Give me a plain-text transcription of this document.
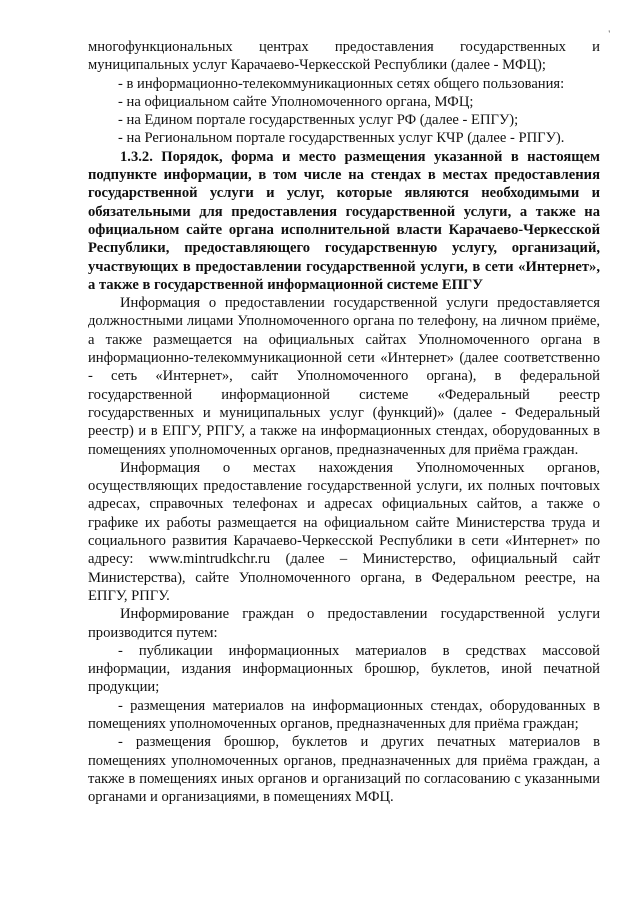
'

многофункциональных центрах предоставления государственных и муниципальных услуг Карачаево-Черкесской Республики (далее - МФЦ);

- в информационно-телекоммуникационных сетях общего пользования:

- на официальном сайте Уполномоченного органа, МФЦ;

- на Едином портале государственных услуг РФ (далее - ЕПГУ);

- на Региональном портале государственных услуг КЧР (далее - РПГУ).

1.3.2. Порядок, форма и место размещения указанной в настоящем подпункте информации, в том числе на стендах в местах предоставления государственной услуги и услуг, которые являются необходимыми и обязательными для предоставления государственной услуги, а также на официальном сайте органа исполнительной власти Карачаево-Черкесской Республики, предоставляющего государственную услугу, организаций, участвующих в предоставлении государственной услуги, в сети «Интернет», а также в государственной информационной системе ЕПГУ

Информация о предоставлении государственной услуги предоставляется должностными лицами Уполномоченного органа по телефону, на личном приёме, а также размещается на официальных сайтах Уполномоченного органа в информационно-телекоммуникационной сети «Интернет» (далее соответственно - сеть «Интернет», сайт Уполномоченного органа), в федеральной государственной информационной системе «Федеральный реестр государственных и муниципальных услуг (функций)» (далее - Федеральный реестр) и в ЕПГУ, РПГУ, а также на информационных стендах, оборудованных в помещениях уполномоченных органов, предназначенных для приёма граждан.

Информация о местах нахождения Уполномоченных органов, осуществляющих предоставление государственной услуги, их полных почтовых адресах, справочных телефонах и адресах официальных сайтов, а также о графике их работы размещается на официальном сайте Министерства труда и социального развития Карачаево-Черкесской Республики в сети «Интернет» по адресу: www.mintrudkchr.ru (далее – Министерство, официальный сайт Министерства), сайте Уполномоченного органа, в Федеральном реестре, на ЕПГУ, РПГУ.

Информирование граждан о предоставлении государственной услуги производится путем:

- публикации информационных материалов в средствах массовой информации, издания информационных брошюр, буклетов, иной печатной продукции;

- размещения материалов на информационных стендах, оборудованных в помещениях уполномоченных органов, предназначенных для приёма граждан;

- размещения брошюр, буклетов и других печатных материалов в помещениях уполномоченных органов, предназначенных для приёма граждан, а также в помещениях иных органов и организаций по согласованию с указанными органами и организациями, в помещениях МФЦ.
